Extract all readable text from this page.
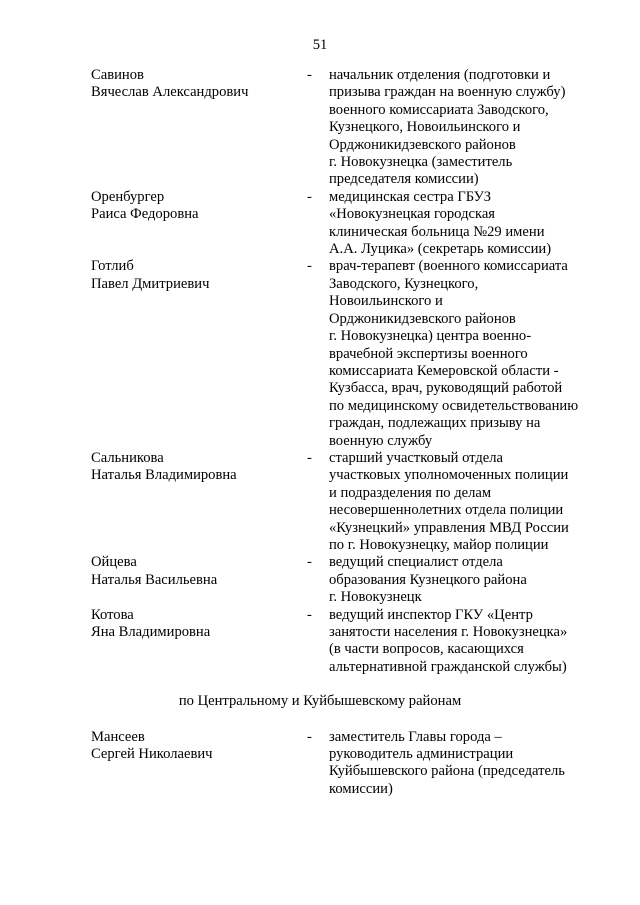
51
Савинов
Вячеслав Александрович
-	начальник отделения (подготовки и
призыва граждан на военную службу)
военного комиссариата Заводского,
Кузнецкого, Новоильинского и
Орджоникидзевского районов
г. Новокузнецка (заместитель
председателя комиссии)
Оренбургер
Раиса Федоровна
-	медицинская сестра ГБУЗ
«Новокузнецкая городская
клиническая больница №29 имени
А.А. Луцика» (секретарь комиссии)
Готлиб
Павел Дмитриевич
-	врач-терапевт (военного комиссариата
Заводского, Кузнецкого,
Новоильинского и
Орджоникидзевского районов
г. Новокузнецка) центра военно-
врачебной экспертизы военного
комиссариата Кемеровской области -
Кузбасса, врач, руководящий работой
по медицинскому освидетельствованию
граждан, подлежащих призыву на
военную службу
Сальникова
Наталья Владимировна
-	старший участковый отдела
участковых уполномоченных полиции
и подразделения по делам
несовершеннолетних отдела полиции
«Кузнецкий» управления МВД России
по г. Новокузнецку, майор полиции
Ойцева
Наталья Васильевна
-	ведущий специалист отдела
образования Кузнецкого района
г. Новокузнецк
Котова
Яна Владимировна
-	ведущий инспектор ГКУ «Центр
занятости населения г. Новокузнецка»
(в части вопросов, касающихся
альтернативной гражданской службы)
по Центральному и Куйбышевскому районам
Мансеев
Сергей Николаевич
-	заместитель Главы города –
руководитель администрации
Куйбышевского района (председатель
комиссии)
